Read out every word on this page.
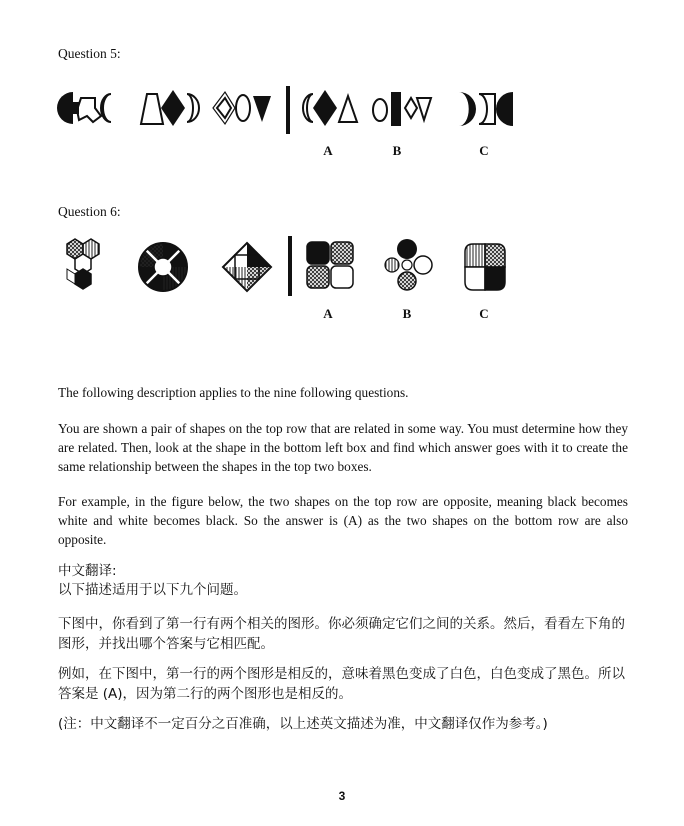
Question 5:
A	B	C
Question 6:
A	B	C
The following description applies to the nine following questions.
You are shown a pair of shapes on the top row that are related in some way. You must determine how they are related. Then, look at the shape in the bottom left box and find which answer goes with it to create the same relationship between the shapes in the top two boxes.
For example, in the figure below, the two shapes on the top row are opposite, meaning black becomes white and white becomes black. So the answer is (A) as the two shapes on the bottom row are also opposite.
中文翻译:
以下描述适用于以下九个问题。
下图中，你看到了第一行有两个相关的图形。你必须确定它们之间的关系。然后，看看左下角的图形，并找出哪个答案与它相匹配。
例如，在下图中，第一行的两个图形是相反的，意味着黑色变成了白色，白色变成了黑色。所以答案是 (A)，因为第二行的两个图形也是相反的。
(注：中文翻译不一定百分之百准确，以上述英文描述为准，中文翻译仅作为参考。)
3
